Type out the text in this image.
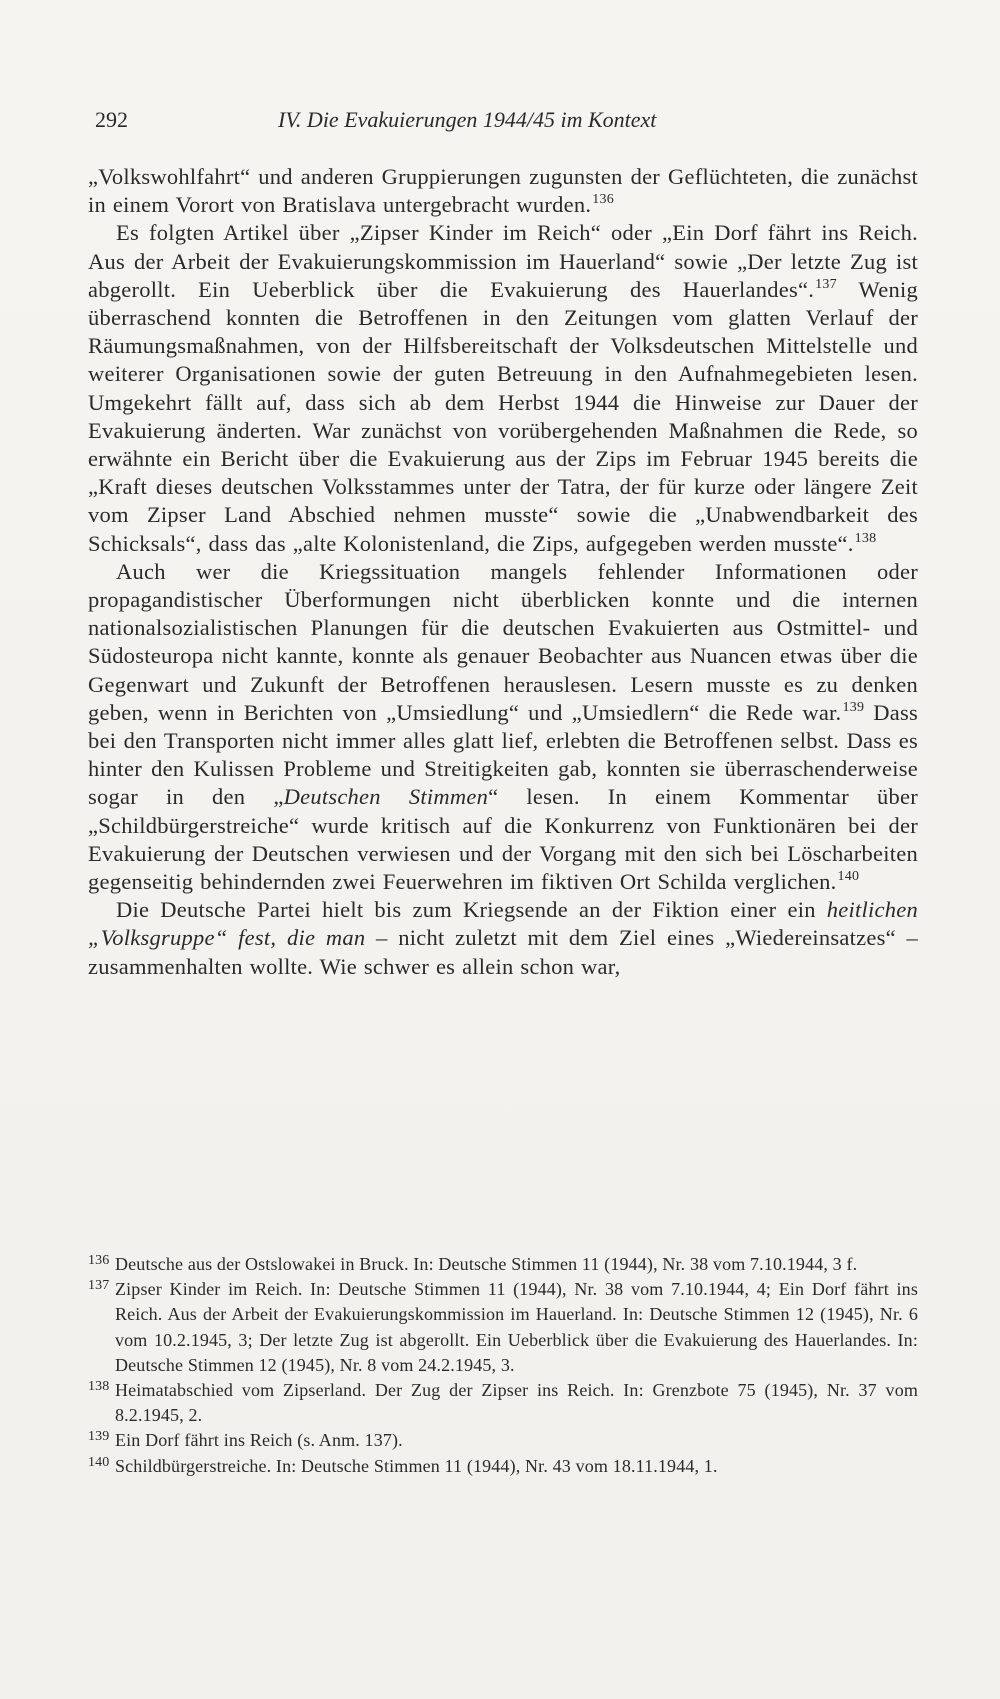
292	IV. Die Evakuierungen 1944/45 im Kontext

„Volkswohlfahrt“ und anderen Gruppierungen zugunsten der Geflüchteten, die zunächst in einem Vorort von Bratislava untergebracht wurden.$^{136}$

Es folgten Artikel über „Zipser Kinder im Reich“ oder „Ein Dorf fährt ins Reich. Aus der Arbeit der Evakuierungskommission im Hauerland“ sowie „Der letzte Zug ist abgerollt. Ein Ueberblick über die Evakuierung des Hauerlandes“.$^{137}$ Wenig überraschend konnten die Betroffenen in den Zeitungen vom glatten Verlauf der Räumungsmaßnahmen, von der Hilfsbereitschaft der Volksdeutschen Mittelstelle und weiterer Organisationen sowie der guten Betreuung in den Aufnahmegebieten lesen. Umgekehrt fällt auf, dass sich ab dem Herbst 1944 die Hinweise zur Dauer der Evakuierung änderten. War zunächst von vorübergehenden Maßnahmen die Rede, so erwähnte ein Bericht über die Evakuierung aus der Zips im Februar 1945 bereits die „Kraft dieses deutschen Volksstammes unter der Tatra, der für kurze oder längere Zeit vom Zipser Land Abschied nehmen musste“ sowie die „Unabwendbarkeit des Schicksals“, dass das „alte Kolonistenland, die Zips, aufgegeben werden musste“.$^{138}$

Auch wer die Kriegssituation mangels fehlender Informationen oder propagandistischer Überformungen nicht überblicken konnte und die internen nationalsozialistischen Planungen für die deutschen Evakuierten aus Ostmittel- und Südosteuropa nicht kannte, konnte als genauer Beobachter aus Nuancen etwas über die Gegenwart und Zukunft der Betroffenen herauslesen. Lesern musste es zu denken geben, wenn in Berichten von „Umsiedlung“ und „Umsiedlern“ die Rede war.$^{139}$ Dass bei den Transporten nicht immer alles glatt lief, erlebten die Betroffenen selbst. Dass es hinter den Kulissen Probleme und Streitigkeiten gab, konnten sie überraschenderweise sogar in den „Deutschen Stimmen“ lesen. In einem Kommentar über „Schildbürgerstreiche“ wurde kritisch auf die Konkurrenz von Funktionären bei der Evakuierung der Deutschen verwiesen und der Vorgang mit den sich bei Löscharbeiten gegenseitig behindernden zwei Feuerwehren im fiktiven Ort Schilda verglichen.$^{140}$

Die Deutsche Partei hielt bis zum Kriegsende an der Fiktion einer ein heitlichen „Volksgruppe“ fest, die man – nicht zuletzt mit dem Ziel eines „Wiedereinsatzes“ – zusammenhalten wollte. Wie schwer es allein schon war,

136 Deutsche aus der Ostslowakei in Bruck. In: Deutsche Stimmen 11 (1944), Nr. 38 vom 7.10.1944, 3 f.
137 Zipser Kinder im Reich. In: Deutsche Stimmen 11 (1944), Nr. 38 vom 7.10.1944, 4; Ein Dorf fährt ins Reich. Aus der Arbeit der Evakuierungskommission im Hauerland. In: Deutsche Stimmen 12 (1945), Nr. 6 vom 10.2.1945, 3; Der letzte Zug ist abgerollt. Ein Ueberblick über die Evakuierung des Hauerlandes. In: Deutsche Stimmen 12 (1945), Nr. 8 vom 24.2.1945, 3.
138 Heimatabschied vom Zipserland. Der Zug der Zipser ins Reich. In: Grenzbote 75 (1945), Nr. 37 vom 8.2.1945, 2.
139 Ein Dorf fährt ins Reich (s. Anm. 137).
140 Schildbürgerstreiche. In: Deutsche Stimmen 11 (1944), Nr. 43 vom 18.11.1944, 1.
